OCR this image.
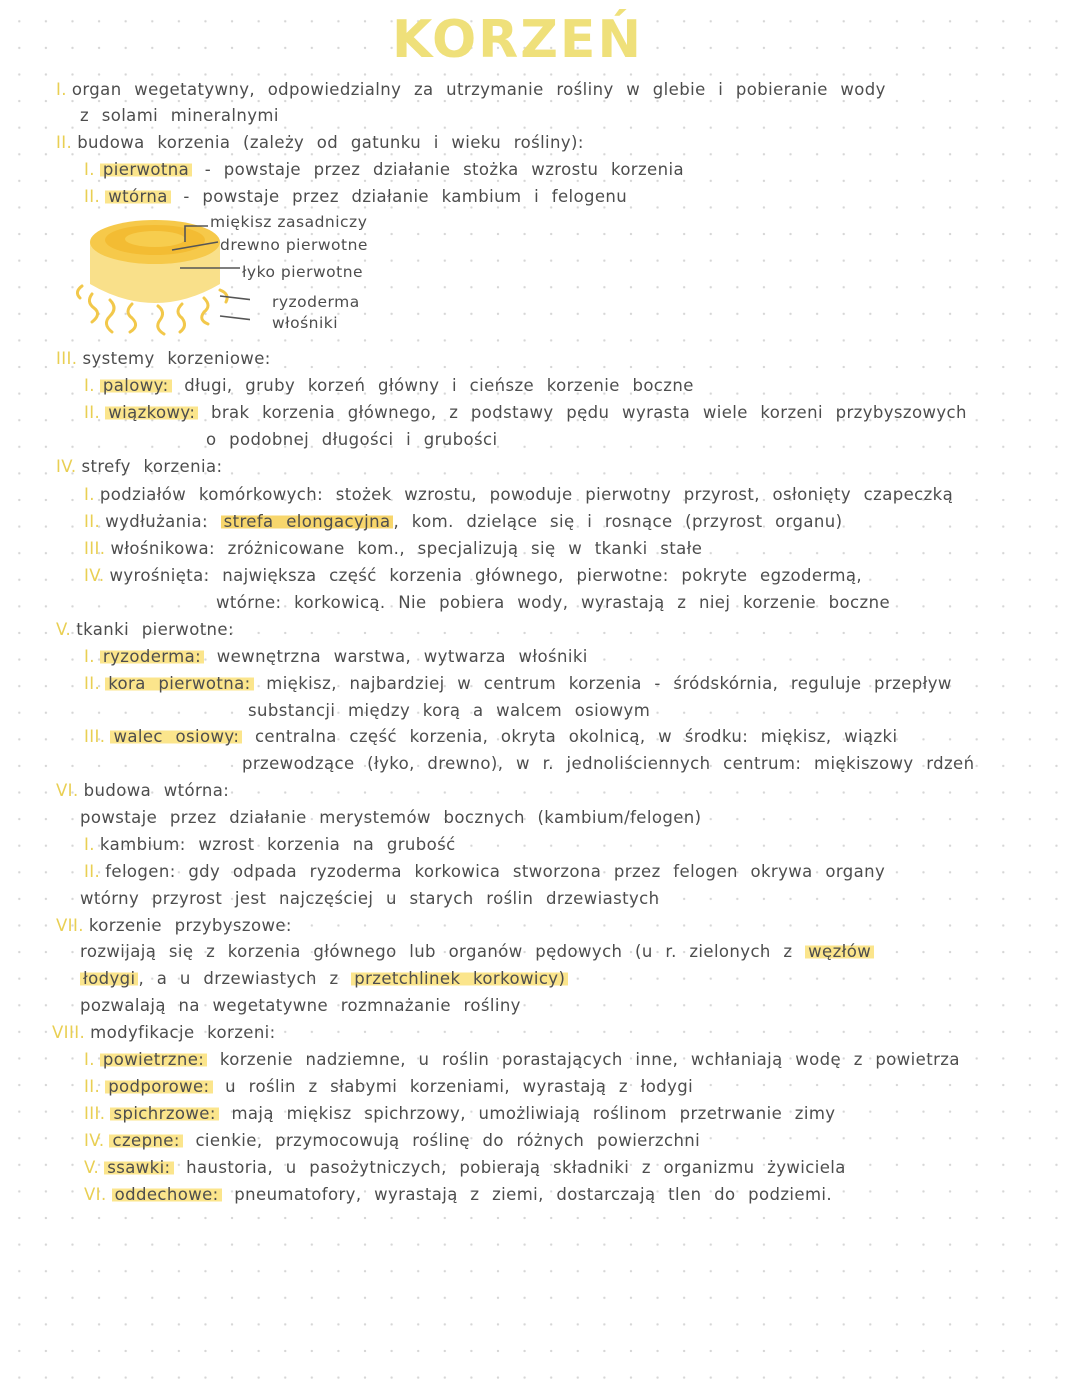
KORZEŃ
I. organ wegetatywny, odpowiedzialny za utrzymanie rośliny w glebie i pobieranie wody
z solami mineralnymi
II. budowa korzenia (zależy od gatunku i wieku rośliny):
I. pierwotna - powstaje przez działanie stożka wzrostu korzenia
II. wtórna - powstaje przez działanie kambium i felogenu
III. systemy korzeniowe:
I. palowy: długi, gruby korzeń główny i cieńsze korzenie boczne
II. wiązkowy: brak korzenia głównego, z podstawy pędu wyrasta wiele korzeni przybyszowych
o podobnej długości i grubości
IV. strefy korzenia:
I. podziałów komórkowych: stożek wzrostu, powoduje pierwotny przyrost, osłonięty czapeczką
II. wydłużania: strefa elongacyjna , kom. dzielące się i rosnące (przyrost organu)
III. włośnikowa: zróżnicowane kom., specjalizują się w tkanki stałe
IV. wyrośnięta: największa część korzenia głównego, pierwotne: pokryte egzodermą,
wtórne: korkowicą. Nie pobiera wody, wyrastają z niej korzenie boczne
V. tkanki pierwotne:
I. ryzoderma: wewnętrzna warstwa, wytwarza włośniki
II. kora pierwotna: miękisz, najbardziej w centrum korzenia - śródskórnia, reguluje przepływ
substancji między korą a walcem osiowym
III. walec osiowy: centralna część korzenia, okryta okolnicą, w środku: miękisz, wiązki
przewodzące (łyko, drewno), w r. jednoliściennych centrum: miękiszowy rdzeń
VI. budowa wtórna:
powstaje przez działanie merystemów bocznych (kambium/felogen)
I. kambium: wzrost korzenia na grubość
II. felogen: gdy odpada ryzoderma korkowica stworzona przez felogen okrywa organy
wtórny przyrost jest najczęściej u starych roślin drzewiastych
VII. korzenie przybyszowe:
rozwijają się z korzenia głównego lub organów pędowych (u r. zielonych z węzłów
łodygi , a u drzewiastych z przetchlinek korkowicy)
pozwalają na wegetatywne rozmnażanie rośliny
VIII. modyfikacje korzeni:
I. powietrzne: korzenie nadziemne, u roślin porastających inne, wchłaniają wodę z powietrza
II. podporowe: u roślin z słabymi korzeniami, wyrastają z łodygi
III. spichrzowe: mają miękisz spichrzowy, umożliwiają roślinom przetrwanie zimy
IV. czepne: cienkie, przymocowują roślinę do różnych powierzchni
V. ssawki: haustoria, u pasożytniczych, pobierają składniki z organizmu żywiciela
VI. oddechowe: pneumatofory, wyrastają z ziemi, dostarczają tlen do podziemi.
miękisz zasadniczy
drewno pierwotne
łyko pierwotne
ryzoderma
włośniki
